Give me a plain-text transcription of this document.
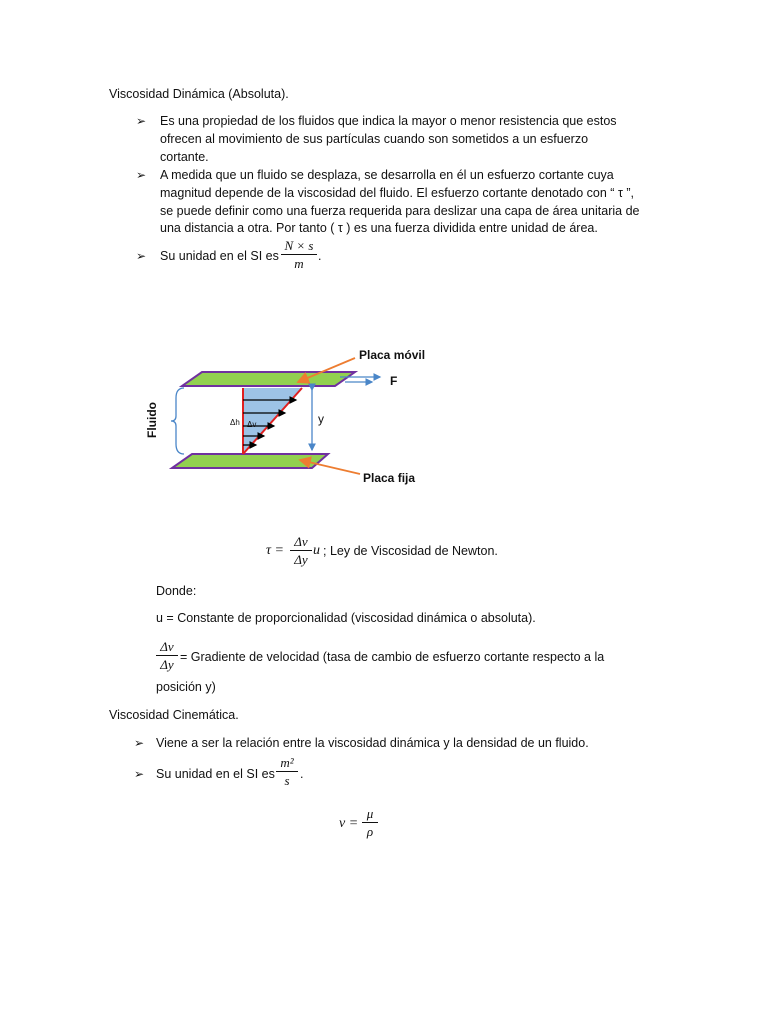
Viscosidad Dinámica (Absoluta).
➢ Es una propiedad de los fluidos que indica la mayor o menor resistencia que estos
ofrecen al movimiento de sus partículas cuando son sometidos a un esfuerzo
cortante.
➢ A medida que un fluido se desplaza, se desarrolla en él un esfuerzo cortante cuya
magnitud depende de la viscosidad del fluido. El esfuerzo cortante denotado con “ τ ”,
se puede definir como una fuerza requerida para deslizar una capa de área unitaria de
una distancia a otra. Por tanto ( τ ) es una fuerza dividida entre unidad de área.
➢ Su unidad en el SI es
N × s
m	.
Placa móvil
Placa fija
F
y
Δh Δv
Fluido
τ =
Δv
Δy
u ; Ley de Viscosidad de Newton.
Donde:
u = Constante de proporcionalidad (viscosidad dinámica o absoluta).
Δv
Δy = Gradiente de velocidad (tasa de cambio de esfuerzo cortante respecto a la
posición y)
Viscosidad Cinemática.
➢ Viene a ser la relación entre la viscosidad dinámica y la densidad de un fluido.
➢ Su unidad en el SI es
m²
s .
ν =
μ
ρ
